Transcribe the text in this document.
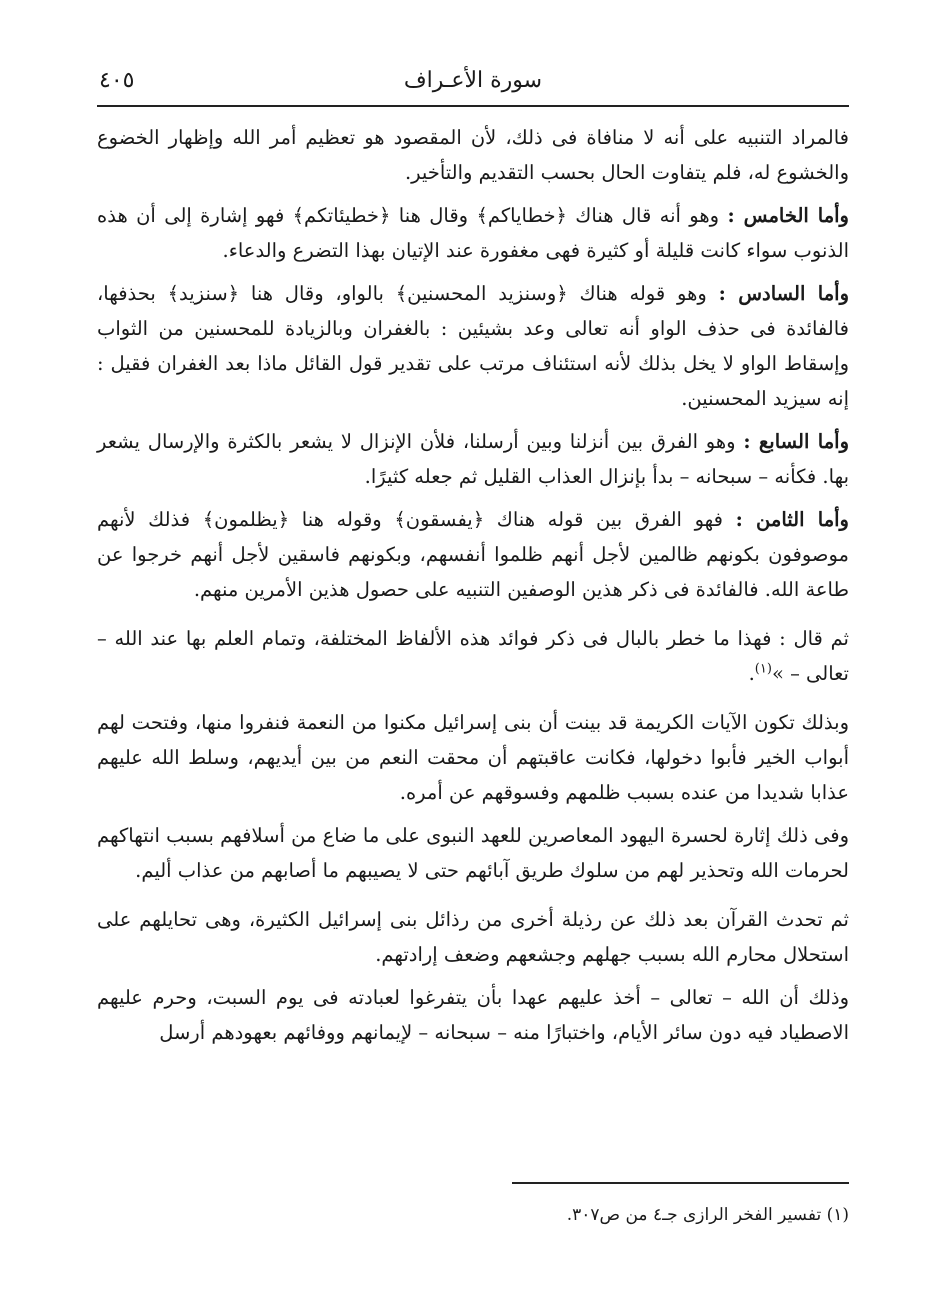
سورة الأعـراف
٤٠٥

فالمراد التنبيه على أنه لا منافاة فى ذلك، لأن المقصود هو تعظيم أمر الله وإظهار الخضوع والخشوع له، فلم يتفاوت الحال بحسب التقديم والتأخير.

وأما الخامس : وهو أنه قال هناك ﴿خطاياكم﴾ وقال هنا ﴿خطيئاتكم﴾ فهو إشارة إلى أن هذه الذنوب سواء كانت قليلة أو كثيرة فهى مغفورة عند الإتيان بهذا التضرع والدعاء.

وأما السادس : وهو قوله هناك ﴿وسنزيد المحسنين﴾ بالواو، وقال هنا ﴿سنزيد﴾ بحذفها، فالفائدة فى حذف الواو أنه تعالى وعد بشيئين : بالغفران وبالزيادة للمحسنين من الثواب وإسقاط الواو لا يخل بذلك لأنه استئناف مرتب على تقدير قول القائل ماذا بعد الغفران فقيل : إنه سيزيد المحسنين.

وأما السابع : وهو الفرق بين أنزلنا وبين أرسلنا، فلأن الإنزال لا يشعر بالكثرة والإرسال يشعر بها. فكأنه – سبحانه – بدأ بإنزال العذاب القليل ثم جعله كثيرًا.

وأما الثامن : فهو الفرق بين قوله هناك ﴿يفسقون﴾ وقوله هنا ﴿يظلمون﴾ فذلك لأنهم موصوفون بكونهم ظالمين لأجل أنهم ظلموا أنفسهم، وبكونهم فاسقين لأجل أنهم خرجوا عن طاعة الله. فالفائدة فى ذكر هذين الوصفين التنبيه على حصول هذين الأمرين منهم.

ثم قال : فهذا ما خطر بالبال فى ذكر فوائد هذه الألفاظ المختلفة، وتمام العلم بها عند الله – تعالى – »$^{(١)}$.

وبذلك تكون الآيات الكريمة قد بينت أن بنى إسرائيل مكنوا من النعمة فنفروا منها، وفتحت لهم أبواب الخير فأبوا دخولها، فكانت عاقبتهم أن محقت النعم من بين أيديهم، وسلط الله عليهم عذابا شديدا من عنده بسبب ظلمهم وفسوقهم عن أمره.

وفى ذلك إثارة لحسرة اليهود المعاصرين للعهد النبوى على ما ضاع من أسلافهم بسبب انتهاكهم لحرمات الله وتحذير لهم من سلوك طريق آبائهم حتى لا يصيبهم ما أصابهم من عذاب أليم.

ثم تحدث القرآن بعد ذلك عن رذيلة أخرى من رذائل بنى إسرائيل الكثيرة، وهى تحايلهم على استحلال محارم الله بسبب جهلهم وجشعهم وضعف إرادتهم.

وذلك أن الله – تعالى – أخذ عليهم عهدا بأن يتفرغوا لعبادته فى يوم السبت، وحرم عليهم الاصطياد فيه دون سائر الأيام، واختبارًا منه – سبحانه – لإيمانهم ووفائهم بعهودهم أرسل

(١) تفسير الفخر الرازى جـ٤ من ص٣٠٧.
